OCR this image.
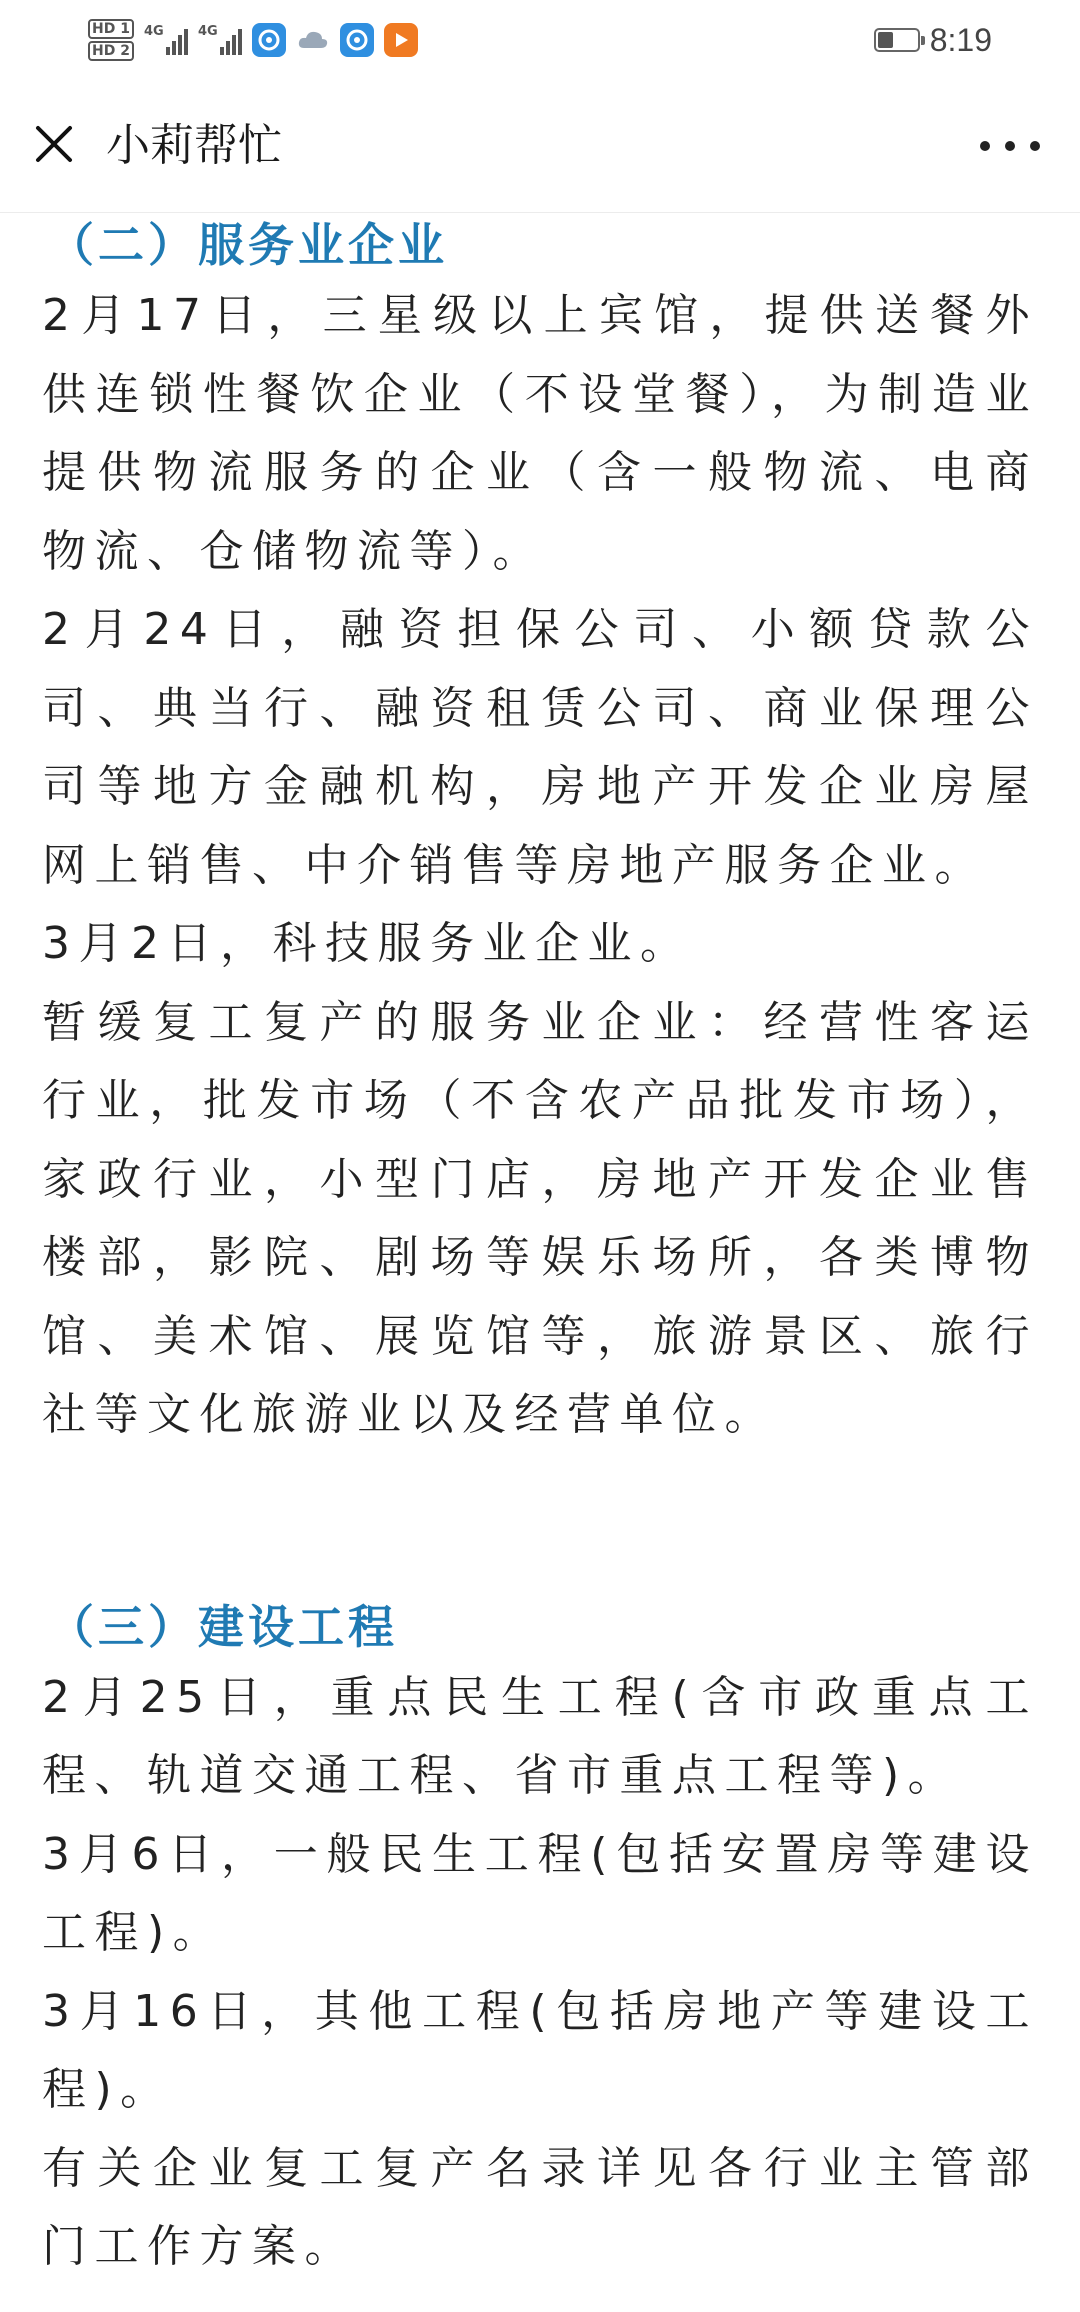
HD 1
HD 2
4G	4G	8:19
小莉帮忙
（二）服务业企业

2月17日，三星级以上宾馆，提供送餐外供连锁性餐饮企业（不设堂餐），为制造业提供物流服务的企业（含一般物流、电商物流、仓储物流等）。

2月24日，融资担保公司、小额贷款公司、典当行、融资租赁公司、商业保理公司等地方金融机构，房地产开发企业房屋网上销售、中介销售等房地产服务企业。

3月2日，科技服务业企业。

暂缓复工复产的服务业企业：经营性客运行业，批发市场（不含农产品批发市场），家政行业，小型门店，房地产开发企业售楼部，影院、剧场等娱乐场所，各类博物馆、美术馆、展览馆等，旅游景区、旅行社等文化旅游业以及经营单位。

（三）建设工程

2月25日，重点民生工程(含市政重点工程、轨道交通工程、省市重点工程等)。

3月6日，一般民生工程(包括安置房等建设工程)。

3月16日，其他工程(包括房地产等建设工程)。

有关企业复工复产名录详见各行业主管部门工作方案。
